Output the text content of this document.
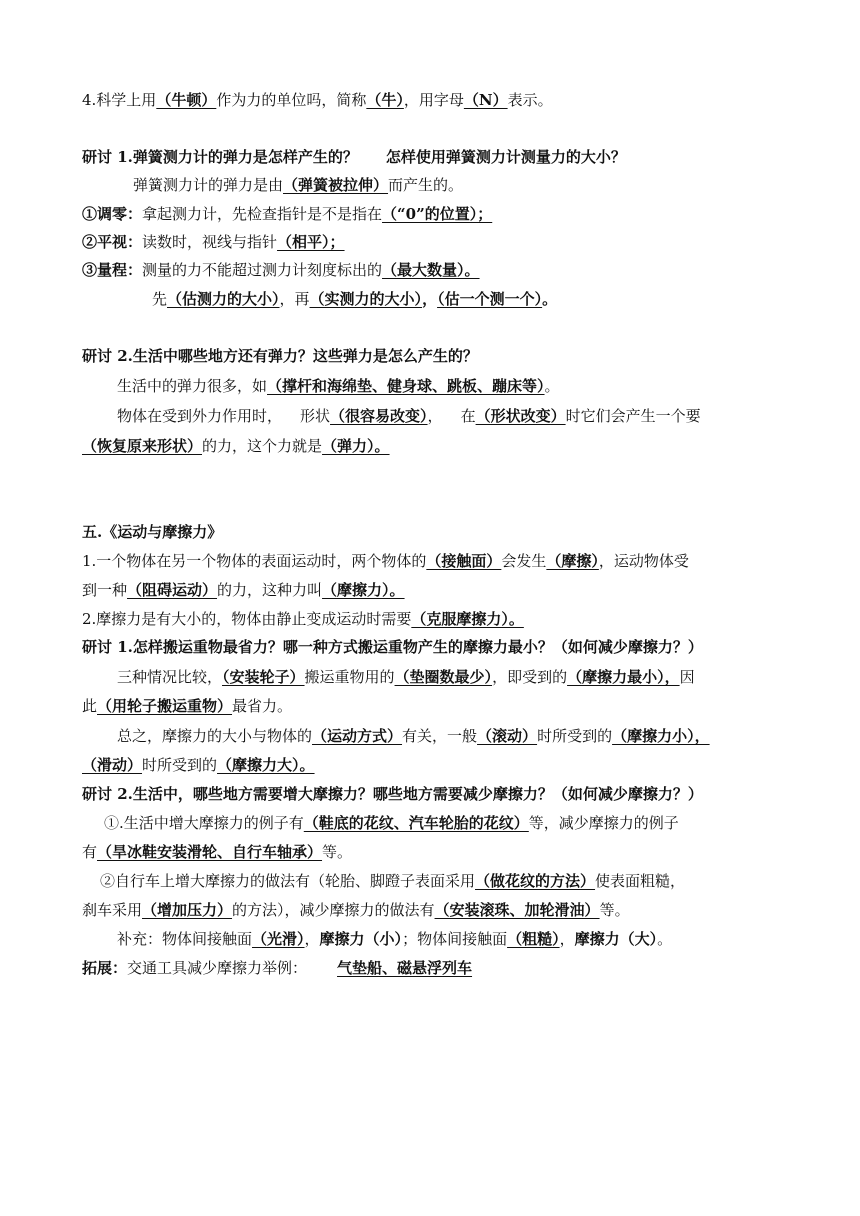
4.科学上用（牛顿）作为力的单位吗，简称（牛），用字母（N）表示。
研讨 1.弹簧测力计的弹力是怎样产生的？ 怎样使用弹簧测力计测量力的大小？
弹簧测力计的弹力是由（弹簧被拉伸）而产生的。
①调零：拿起测力计，先检查指针是不是指在（“0”的位置）；
②平视：读数时，视线与指针（相平）；
③量程：测量的力不能超过测力计刻度标出的（最大数量）。
先（估测力的大小），再（实测力的大小），（估一个测一个）。
研讨 2.生活中哪些地方还有弹力？这些弹力是怎么产生的？
生活中的弹力很多，如（撑杆和海绵垫、健身球、跳板、蹦床等）。
物体在受到外力作用时， 形状（很容易改变）， 在（形状改变）时它们会产生一个要
（恢复原来形状）的力，这个力就是（弹力）。
五.《运动与摩擦力》
1.一个物体在另一个物体的表面运动时，两个物体的（接触面）会发生（摩擦），运动物体受
到一种（阻碍运动）的力，这种力叫（摩擦力）。
2.摩擦力是有大小的，物体由静止变成运动时需要（克服摩擦力）。
研讨 1.怎样搬运重物最省力？哪一种方式搬运重物产生的摩擦力最小？（如何减少摩擦力？）
三种情况比较，（安装轮子）搬运重物用的（垫圈数最少），即受到的（摩擦力最小），因
此（用轮子搬运重物）最省力。
总之，摩擦力的大小与物体的（运动方式）有关，一般（滚动）时所受到的（摩擦力小），
（滑动）时所受到的（摩擦力大）。
研讨 2.生活中，哪些地方需要增大摩擦力？哪些地方需要减少摩擦力？（如何减少摩擦力？）
①.生活中增大摩擦力的例子有（鞋底的花纹、汽车轮胎的花纹）等，减少摩擦力的例子
有（旱冰鞋安装滑轮、自行车轴承）等。
②自行车上增大摩擦力的做法有（轮胎、脚蹬子表面采用（做花纹的方法）使表面粗糙，
刹车采用（增加压力）的方法），减少摩擦力的做法有（安装滚珠、加轮滑油）等。
补充：物体间接触面（光滑），摩擦力（小）；物体间接触面（粗糙），摩擦力（大）。
拓展：交通工具减少摩擦力举例： 气垫船、磁悬浮列车
